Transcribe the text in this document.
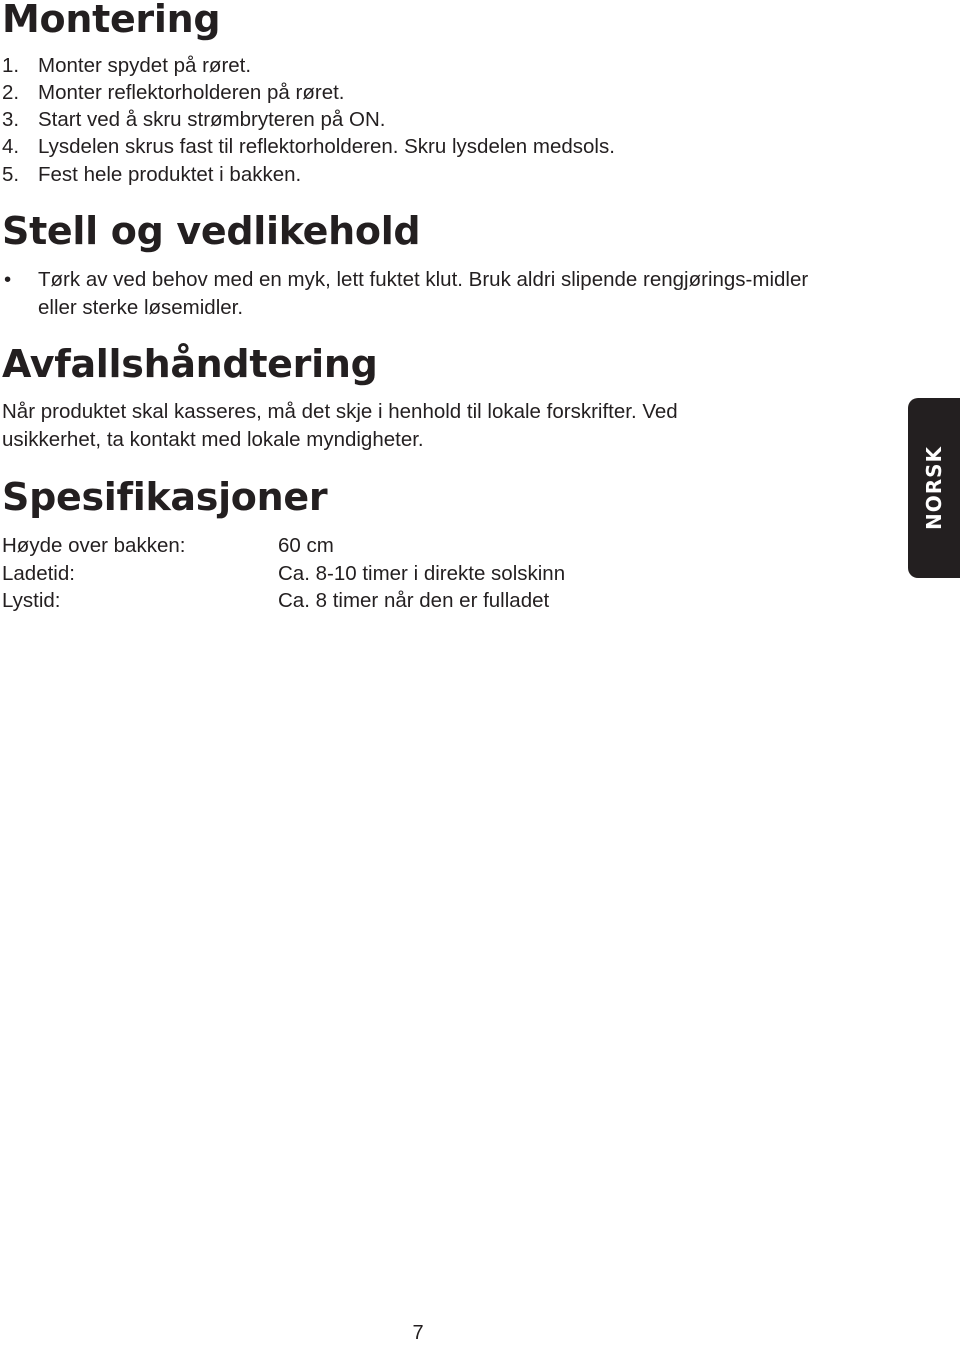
Montering
1. Monter spydet på røret.
2. Monter reflektorholderen på røret.
3. Start ved å skru strømbryteren på ON.
4. Lysdelen skrus fast til reflektorholderen. Skru lysdelen medsols.
5. Fest hele produktet i bakken.
Stell og vedlikehold
•	Tørk av ved behov med en myk, lett fuktet klut. Bruk aldri slipende rengjørings-midler eller sterke løsemidler.
Avfallshåndtering

Når produktet skal kasseres, må det skje i henhold til lokale forskrifter. Ved usikkerhet, ta kontakt med lokale myndigheter.

Spesifikasjoner
Høyde over bakken:	60 cm
Ladetid:	Ca. 8-10 timer i direkte solskinn
Lystid:	Ca. 8 timer når den er fulladet
NORSK
7
